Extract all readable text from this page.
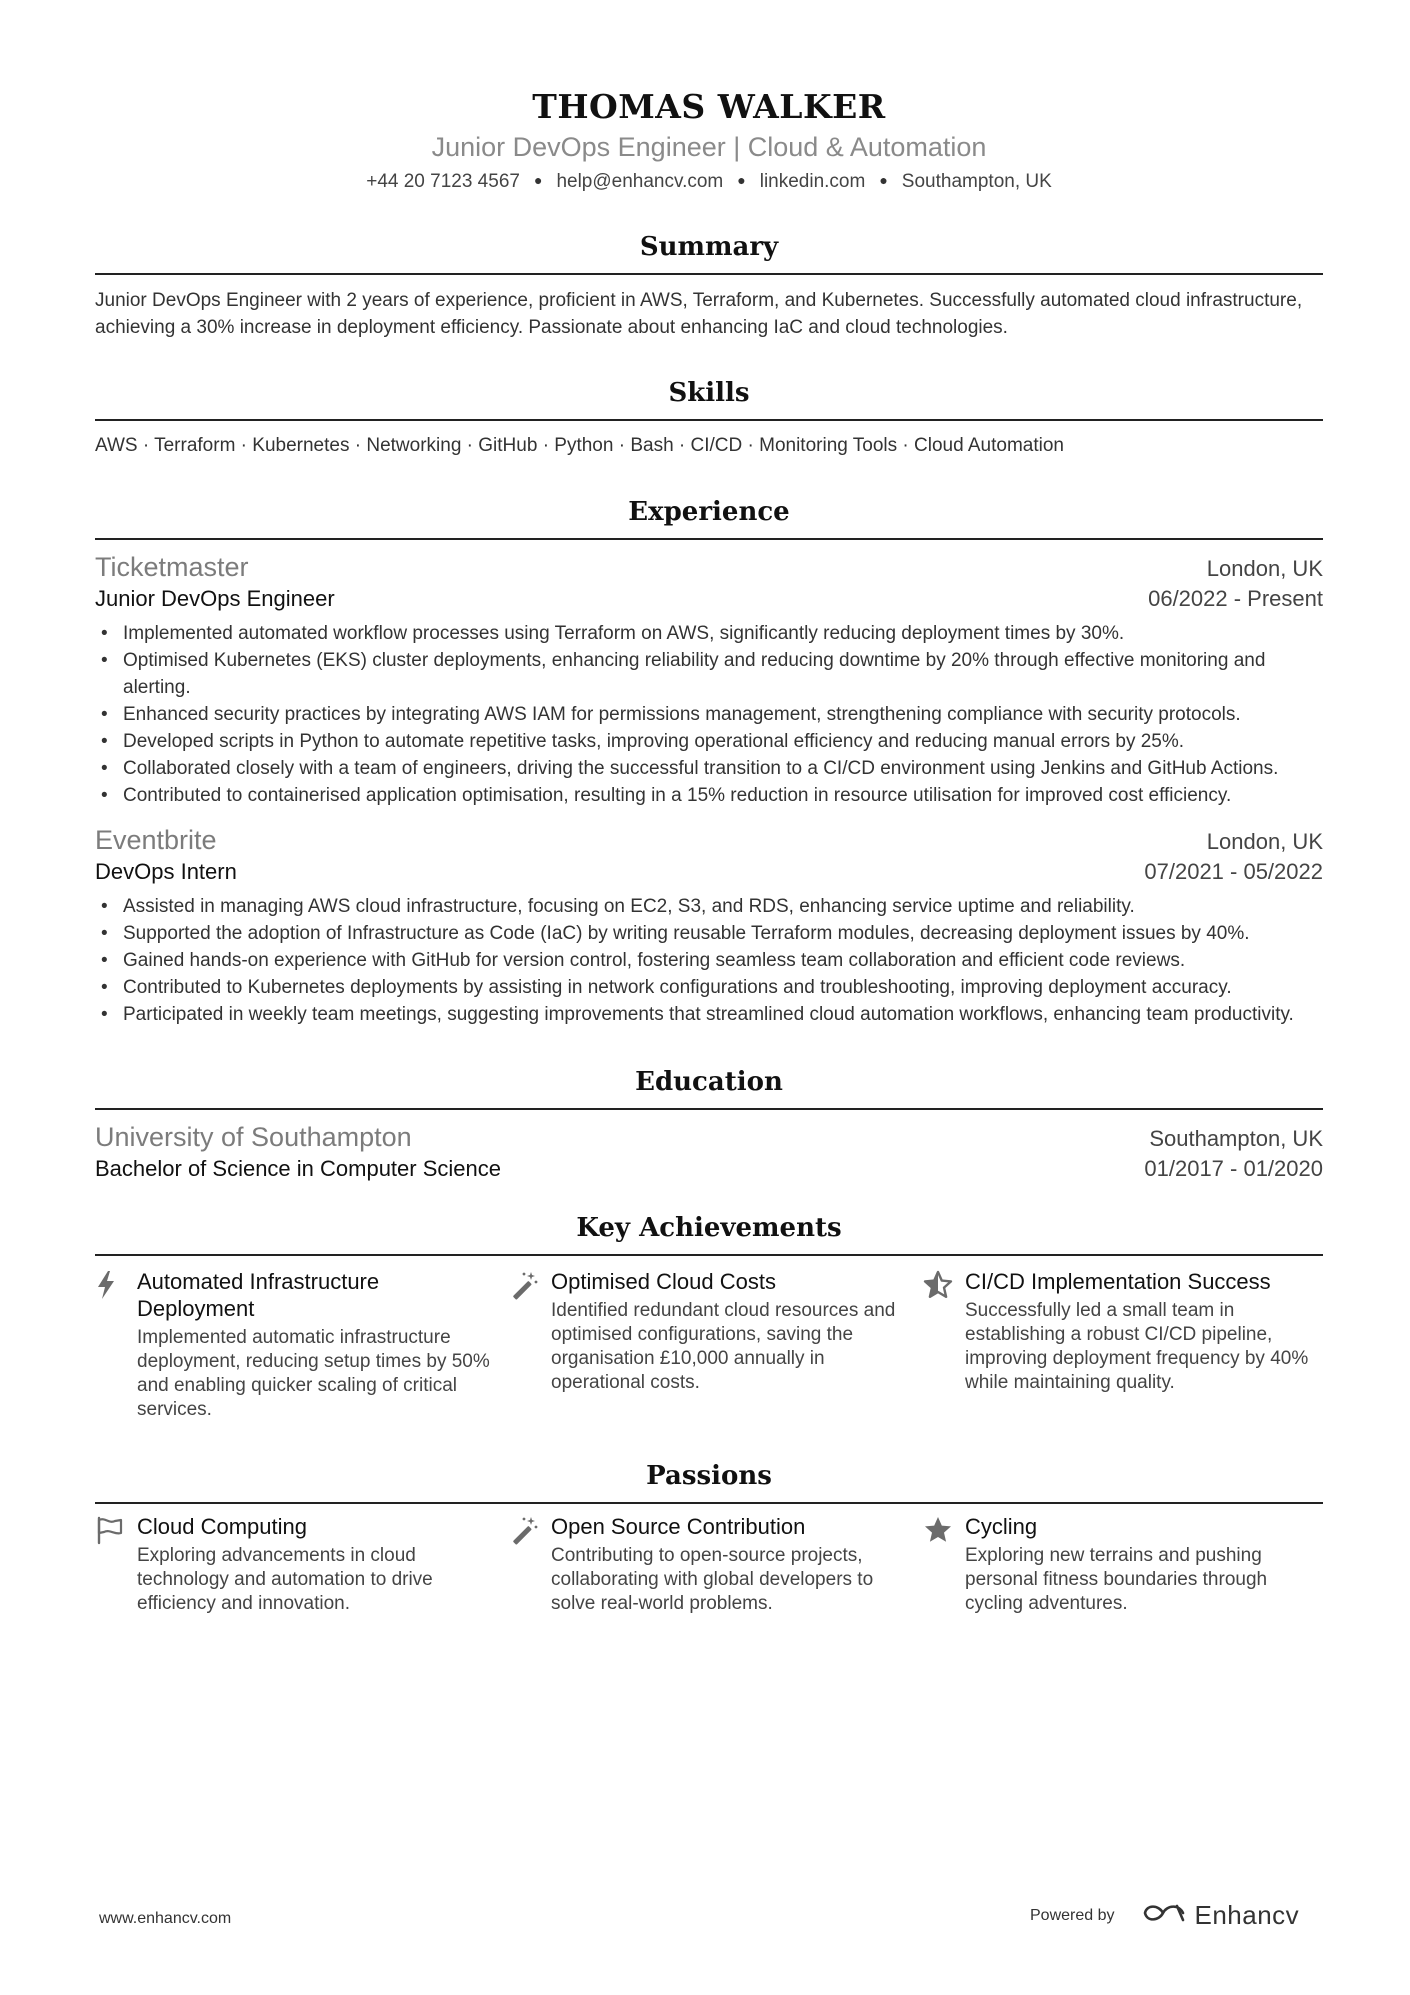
THOMAS WALKER
Junior DevOps Engineer | Cloud & Automation
+44 20 7123 4567 ● help@enhancv.com ● linkedin.com ● Southampton, UK
Summary
Junior DevOps Engineer with 2 years of experience, proficient in AWS, Terraform, and Kubernetes. Successfully automated cloud infrastructure, achieving a 30% increase in deployment efficiency. Passionate about enhancing IaC and cloud technologies.
Skills
AWS · Terraform · Kubernetes · Networking · GitHub · Python · Bash · CI/CD · Monitoring Tools · Cloud Automation
Experience
Ticketmaster	London, UK
Junior DevOps Engineer	06/2022 - Present
• Implemented automated workflow processes using Terraform on AWS, significantly reducing deployment times by 30%.
• Optimised Kubernetes (EKS) cluster deployments, enhancing reliability and reducing downtime by 20% through effective monitoring and alerting.
• Enhanced security practices by integrating AWS IAM for permissions management, strengthening compliance with security protocols.
• Developed scripts in Python to automate repetitive tasks, improving operational efficiency and reducing manual errors by 25%.
• Collaborated closely with a team of engineers, driving the successful transition to a CI/CD environment using Jenkins and GitHub Actions.
• Contributed to containerised application optimisation, resulting in a 15% reduction in resource utilisation for improved cost efficiency.
Eventbrite	London, UK
DevOps Intern	07/2021 - 05/2022
• Assisted in managing AWS cloud infrastructure, focusing on EC2, S3, and RDS, enhancing service uptime and reliability.
• Supported the adoption of Infrastructure as Code (IaC) by writing reusable Terraform modules, decreasing deployment issues by 40%.
• Gained hands-on experience with GitHub for version control, fostering seamless team collaboration and efficient code reviews.
• Contributed to Kubernetes deployments by assisting in network configurations and troubleshooting, improving deployment accuracy.
• Participated in weekly team meetings, suggesting improvements that streamlined cloud automation workflows, enhancing team productivity.
Education
University of Southampton	Southampton, UK
Bachelor of Science in Computer Science	01/2017 - 01/2020
Key Achievements
Automated Infrastructure Deployment
Implemented automatic infrastructure deployment, reducing setup times by 50% and enabling quicker scaling of critical services.
Optimised Cloud Costs
Identified redundant cloud resources and optimised configurations, saving the organisation £10,000 annually in operational costs.
CI/CD Implementation Success
Successfully led a small team in establishing a robust CI/CD pipeline, improving deployment frequency by 40% while maintaining quality.
Passions
Cloud Computing
Exploring advancements in cloud technology and automation to drive efficiency and innovation.
Open Source Contribution
Contributing to open-source projects, collaborating with global developers to solve real-world problems.
Cycling
Exploring new terrains and pushing personal fitness boundaries through cycling adventures.
www.enhancv.com	Powered by	Enhancv
